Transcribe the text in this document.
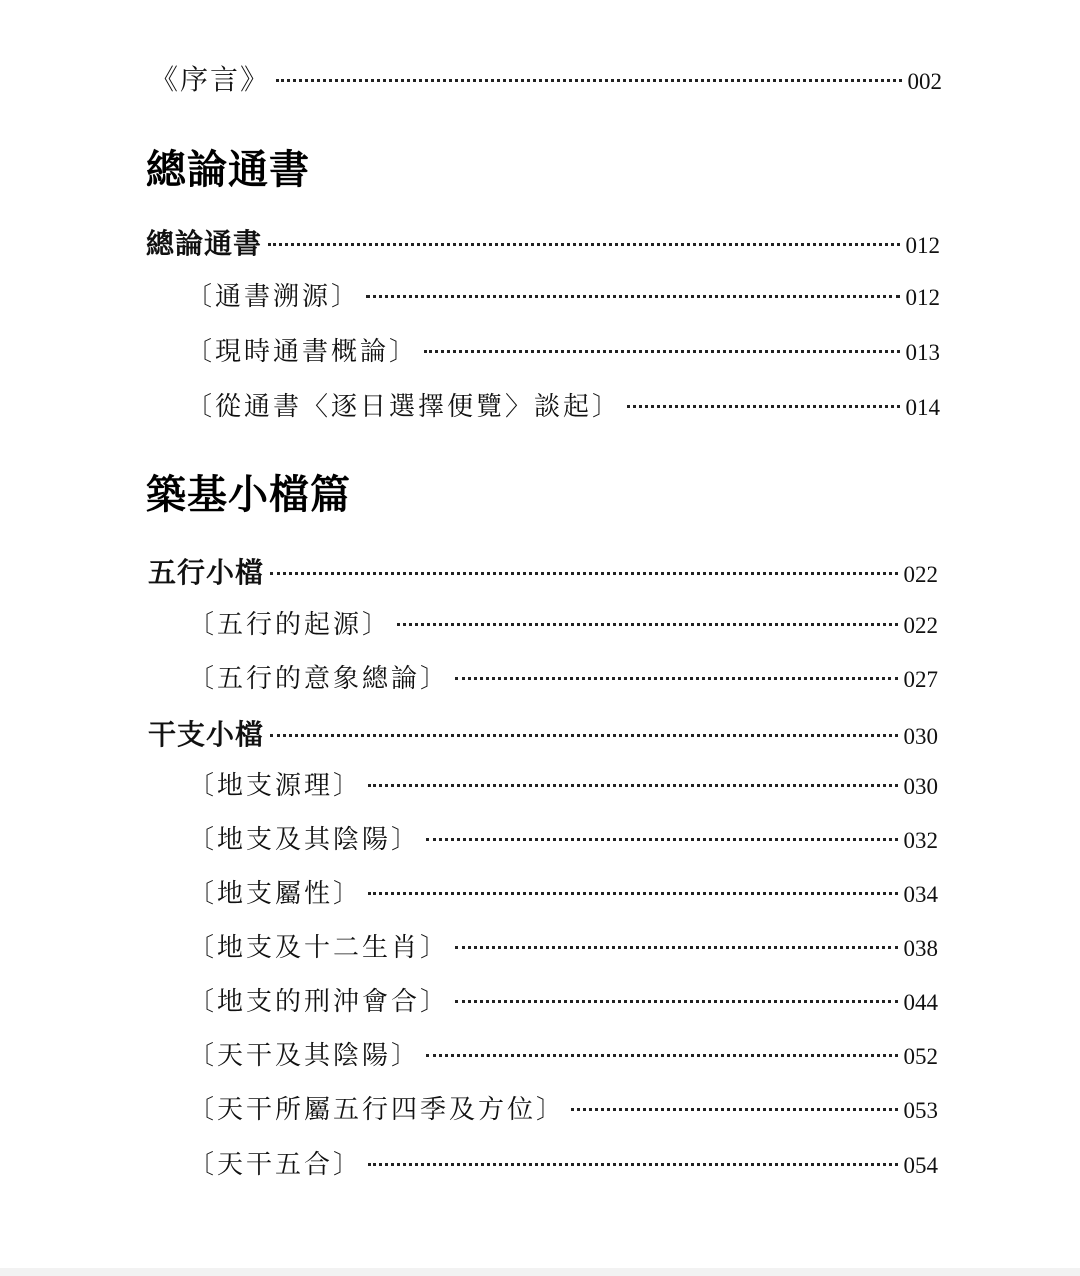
《序言》	002
總論通書
總論通書	012
〔通書溯源〕	012
〔現時通書概論〕	013
〔從通書〈逐日選擇便覽〉談起〕	014
築基小檔篇
五行小檔	022
〔五行的起源〕	022
〔五行的意象總論〕	027
干支小檔	030
〔地支源理〕	030
〔地支及其陰陽〕	032
〔地支屬性〕	034
〔地支及十二生肖〕	038
〔地支的刑沖會合〕	044
〔天干及其陰陽〕	052
〔天干所屬五行四季及方位〕	053
〔天干五合〕	054
